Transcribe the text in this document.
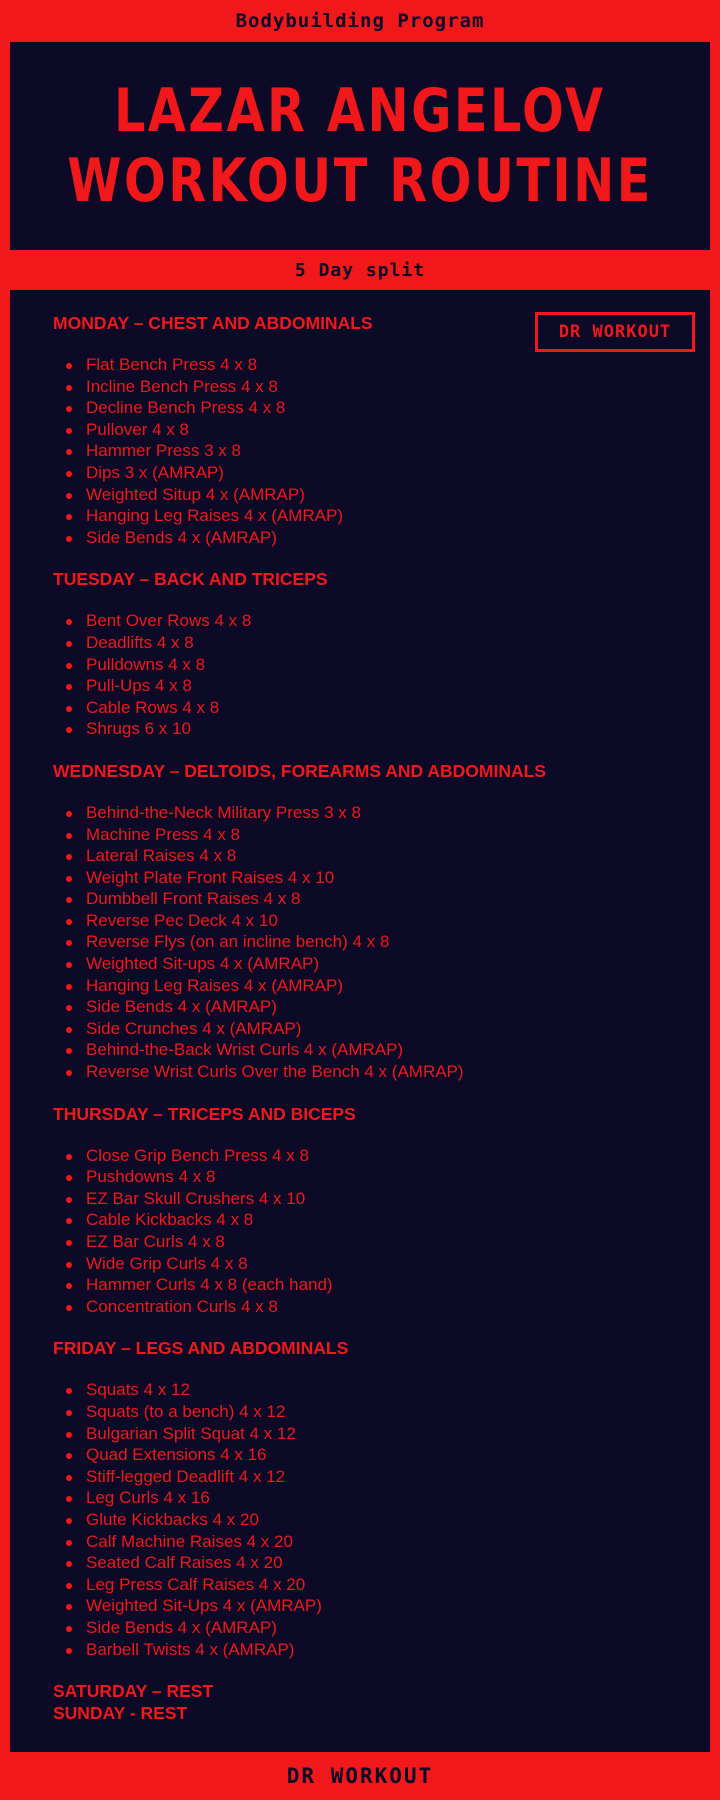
Bodybuilding Program
LAZAR ANGELOV
WORKOUT ROUTINE
5 Day split
DR WORKOUT
MONDAY – CHEST AND ABDOMINALS
Flat Bench Press 4 x 8
Incline Bench Press 4 x 8
Decline Bench Press 4 x 8
Pullover 4 x 8
Hammer Press 3 x 8
Dips 3 x (AMRAP)
Weighted Situp 4 x (AMRAP)
Hanging Leg Raises 4 x (AMRAP)
Side Bends 4 x (AMRAP)
TUESDAY – BACK AND TRICEPS
Bent Over Rows 4 x 8
Deadlifts 4 x 8
Pulldowns 4 x 8
Pull-Ups 4 x 8
Cable Rows 4 x 8
Shrugs 6 x 10
WEDNESDAY – DELTOIDS, FOREARMS AND ABDOMINALS
Behind-the-Neck Military Press 3 x 8
Machine Press 4 x 8
Lateral Raises 4 x 8
Weight Plate Front Raises 4 x 10
Dumbbell Front Raises 4 x 8
Reverse Pec Deck 4 x 10
Reverse Flys (on an incline bench) 4 x 8
Weighted Sit-ups 4 x (AMRAP)
Hanging Leg Raises 4 x (AMRAP)
Side Bends 4 x (AMRAP)
Side Crunches 4 x (AMRAP)
Behind-the-Back Wrist Curls 4 x (AMRAP)
Reverse Wrist Curls Over the Bench 4 x (AMRAP)
THURSDAY – TRICEPS AND BICEPS
Close Grip Bench Press 4 x 8
Pushdowns 4 x 8
EZ Bar Skull Crushers 4 x 10
Cable Kickbacks 4 x 8
EZ Bar Curls 4 x 8
Wide Grip Curls 4 x 8
Hammer Curls 4 x 8 (each hand)
Concentration Curls 4 x 8
FRIDAY – LEGS AND ABDOMINALS
Squats 4 x 12
Squats (to a bench) 4 x 12
Bulgarian Split Squat 4 x 12
Quad Extensions 4 x 16
Stiff-legged Deadlift 4 x 12
Leg Curls 4 x 16
Glute Kickbacks 4 x 20
Calf Machine Raises 4 x 20
Seated Calf Raises 4 x 20
Leg Press Calf Raises 4 x 20
Weighted Sit-Ups 4 x (AMRAP)
Side Bends 4 x (AMRAP)
Barbell Twists 4 x (AMRAP)

SATURDAY – REST

SUNDAY - REST

DR WORKOUT
